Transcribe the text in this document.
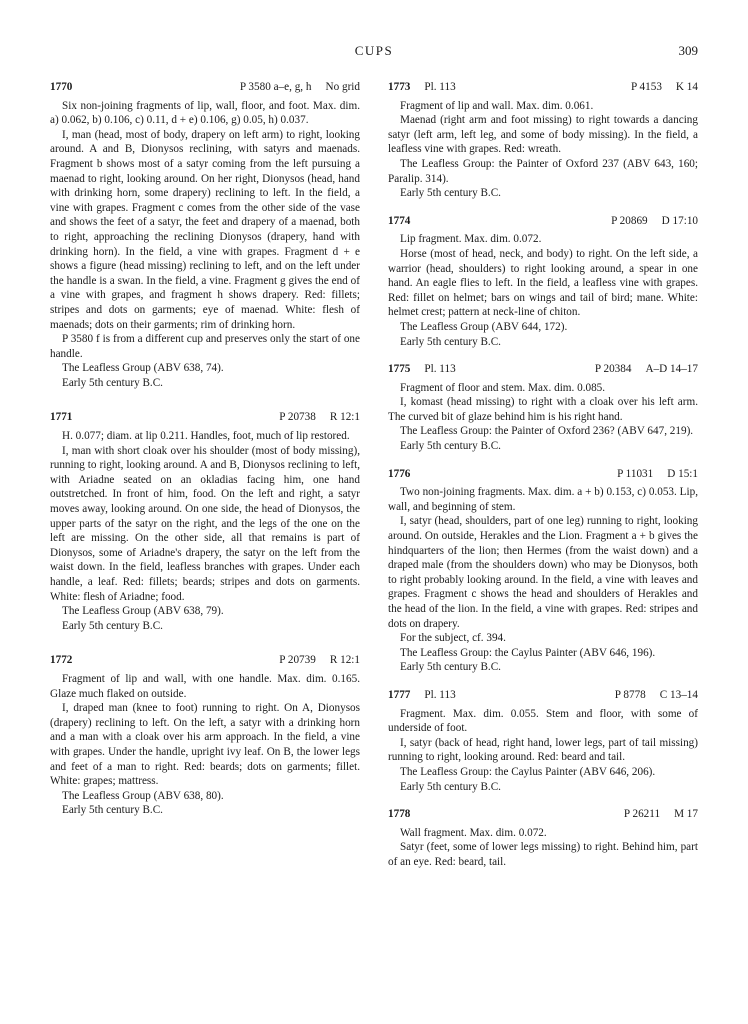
CUPS	309
1770	P 3580 a–e, g, h No grid

Six non-joining fragments of lip, wall, floor, and foot. Max. dim. a) 0.062, b) 0.106, c) 0.11, d + e) 0.106, g) 0.05, h) 0.037.

I, man (head, most of body, drapery on left arm) to right, looking around. A and B, Dionysos reclining, with satyrs and maenads. Fragment b shows most of a satyr coming from the left pursuing a maenad to right, looking around. On her right, Dionysos (head, hand with drinking horn, some drapery) reclining to left. In the field, a vine with grapes. Fragment c comes from the other side of the vase and shows the feet of a satyr, the feet and drapery of a maenad, both to right, approaching the reclining Dionysos (drapery, hand with drinking horn). In the field, a vine with grapes. Fragment d + e shows a figure (head missing) reclining to left, and on the left under the handle is a swan. In the field, a vine. Fragment g gives the end of a vine with grapes, and fragment h shows drapery. Red: fillets; stripes and dots on garments; eye of maenad. White: flesh of maenads; dots on their garments; rim of drinking horn.

P 3580 f is from a different cup and preserves only the start of one handle.

The Leafless Group (ABV 638, 74).

Early 5th century B.C.

1771	P 20738 R 12:1

H. 0.077; diam. at lip 0.211. Handles, foot, much of lip restored.

I, man with short cloak over his shoulder (most of body missing), running to right, looking around. A and B, Dionysos reclining to left, with Ariadne seated on an okladias facing him, one hand outstretched. In front of him, food. On the left and right, a satyr moves away, looking around. On one side, the head of Dionysos, the upper parts of the satyr on the right, and the legs of the one on the left are missing. On the other side, all that remains is part of Dionysos, some of Ariadne's drapery, the satyr on the left from the waist down. In the field, leafless branches with grapes. Under each handle, a leaf. Red: fillets; beards; stripes and dots on garments. White: flesh of Ariadne; food.

The Leafless Group (ABV 638, 79).

Early 5th century B.C.

1772	P 20739 R 12:1

Fragment of lip and wall, with one handle. Max. dim. 0.165. Glaze much flaked on outside.

I, draped man (knee to foot) running to right. On A, Dionysos (drapery) reclining to left. On the left, a satyr with a drinking horn and a man with a cloak over his arm approach. In the field, a vine with grapes. Under the handle, upright ivy leaf. On B, the lower legs and feet of a man to right. Red: beards; dots on garments; fillet. White: grapes; mattress.

The Leafless Group (ABV 638, 80).

Early 5th century B.C.

1773 Pl. 113	P 4153 K 14

Fragment of lip and wall. Max. dim. 0.061.

Maenad (right arm and foot missing) to right towards a dancing satyr (left arm, left leg, and some of body missing). In the field, a leafless vine with grapes. Red: wreath.

The Leafless Group: the Painter of Oxford 237 (ABV 643, 160; Paralip. 314).

Early 5th century B.C.

1774	P 20869 D 17:10

Lip fragment. Max. dim. 0.072.

Horse (most of head, neck, and body) to right. On the left side, a warrior (head, shoulders) to right looking around, a spear in one hand. An eagle flies to left. In the field, a leafless vine with grapes. Red: fillet on helmet; bars on wings and tail of bird; mane. White: helmet crest; pattern at neck-line of chiton.

The Leafless Group (ABV 644, 172).

Early 5th century B.C.

1775 Pl. 113	P 20384 A–D 14–17

Fragment of floor and stem. Max. dim. 0.085.

I, komast (head missing) to right with a cloak over his left arm. The curved bit of glaze behind him is his right hand.

The Leafless Group: the Painter of Oxford 236? (ABV 647, 219).

Early 5th century B.C.

1776	P 11031 D 15:1

Two non-joining fragments. Max. dim. a + b) 0.153, c) 0.053. Lip, wall, and beginning of stem.

I, satyr (head, shoulders, part of one leg) running to right, looking around. On outside, Herakles and the Lion. Fragment a + b gives the hindquarters of the lion; then Hermes (from the waist down) and a draped male (from the shoulders down) who may be Dionysos, both to right probably looking around. In the field, a vine with leaves and grapes. Fragment c shows the head and shoulders of Herakles and the head of the lion. In the field, a vine with grapes. Red: stripes and dots on drapery.

For the subject, cf. 394.

The Leafless Group: the Caylus Painter (ABV 646, 196).

Early 5th century B.C.

1777 Pl. 113	P 8778 C 13–14

Fragment. Max. dim. 0.055. Stem and floor, with some of underside of foot.

I, satyr (back of head, right hand, lower legs, part of tail missing) running to right, looking around. Red: beard and tail.

The Leafless Group: the Caylus Painter (ABV 646, 206).

Early 5th century B.C.

1778	P 26211 M 17

Wall fragment. Max. dim. 0.072.

Satyr (feet, some of lower legs missing) to right. Behind him, part of an eye. Red: beard, tail.
